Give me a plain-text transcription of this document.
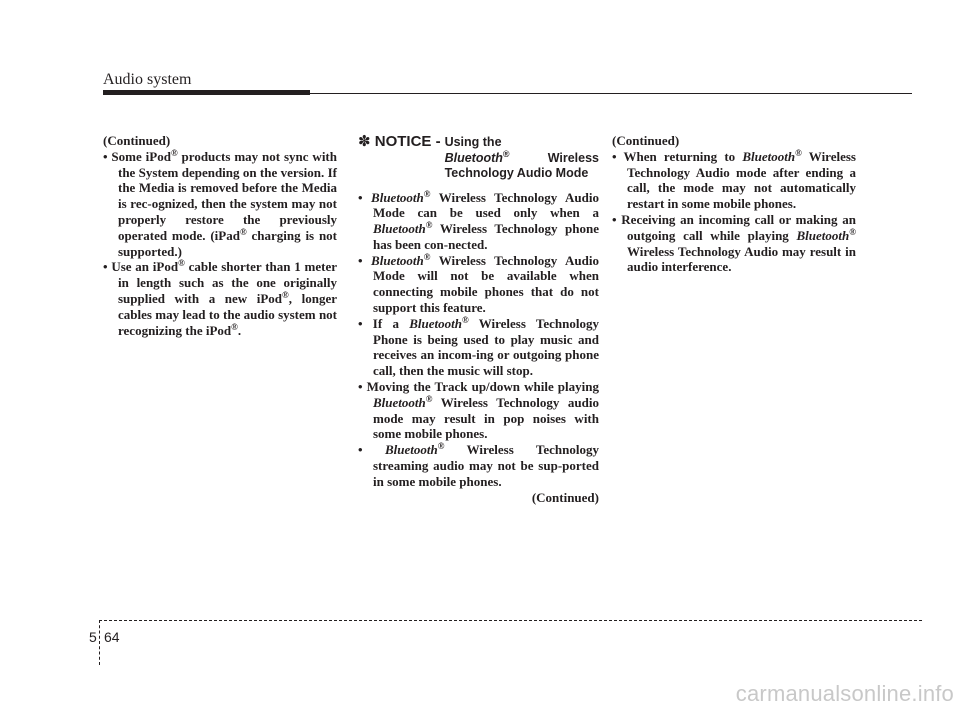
Audio system

(Continued)

• Some iPod® products may not sync with the System depending on the version. If the Media is removed before the Media is rec-ognized, then the system may not properly restore the previously operated mode. (iPad® charging is not supported.)

• Use an iPod® cable shorter than 1 meter in length such as the one originally supplied with a new iPod®, longer cables may lead to the audio system not recognizing the iPod®.

✽ NOTICE - Using the
Bluetooth® Wireless Technology Audio Mode

• Bluetooth® Wireless Technology Audio Mode can be used only when a Bluetooth® Wireless Technology phone has been con-nected.

• Bluetooth® Wireless Technology Audio Mode will not be available when connecting mobile phones that do not support this feature.

• If a Bluetooth® Wireless Technology Phone is being used to play music and receives an incom-ing or outgoing phone call, then the music will stop.

• Moving the Track up/down while playing Bluetooth® Wireless Technology audio mode may result in pop noises with some mobile phones.

• Bluetooth® Wireless Technology streaming audio may not be sup-ported in some mobile phones.

(Continued)

(Continued)

• When returning to Bluetooth® Wireless Technology Audio mode after ending a call, the mode may not automatically restart in some mobile phones.

• Receiving an incoming call or making an outgoing call while playing Bluetooth® Wireless Technology Audio may result in audio interference.

5 64
carmanualsonline.info
